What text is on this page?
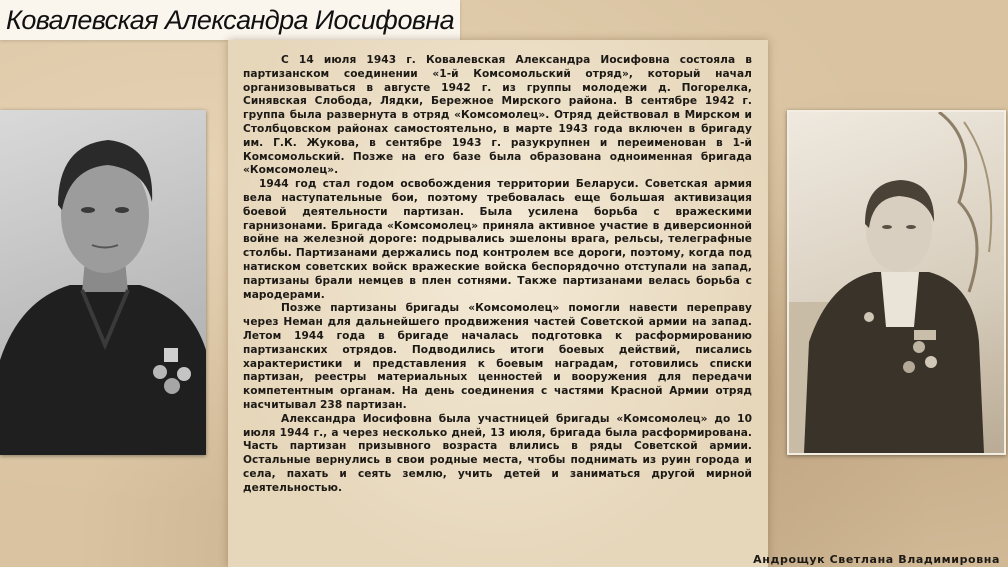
Ковалевская Александра Иосифовна

С 14 июля 1943 г. Ковалевская Александра Иосифовна состояла в партизанском соединении «1-й Комсомольский отряд», который начал организовываться в августе 1942 г. из группы молодежи д. Погорелка, Синявская Слобода, Лядки, Бережное Мирского района. В сентябре 1942 г. группа была развернута в отряд «Комсомолец». Отряд действовал в Мирском и Столбцовском районах самостоятельно, в марте 1943 года включен в бригаду им. Г.К. Жукова, в сентябре 1943 г. разукрупнен и переименован в 1-й Комсомольский. Позже на его базе была образована одноименная бригада «Комсомолец».

1944 год стал годом освобождения территории Беларуси. Советская армия вела наступательные бои, поэтому требовалась еще большая активизация боевой деятельности партизан. Была усилена борьба с вражескими гарнизонами. Бригада «Комсомолец» приняла активное участие в диверсионной войне на железной дороге: подрывались эшелоны врага, рельсы, телеграфные столбы. Партизанами держались под контролем все дороги, поэтому, когда под натиском советских войск вражеские войска беспорядочно отступали на запад, партизаны брали немцев в плен сотнями. Также партизанами велась борьба с мародерами.

Позже партизаны бригады «Комсомолец» помогли навести переправу через Неман для дальнейшего продвижения частей Советской армии на запад. Летом 1944 года в бригаде началась подготовка к расформированию партизанских отрядов. Подводились итоги боевых действий, писались характеристики и представления к боевым наградам, готовились списки партизан, реестры материальных ценностей и вооружения для передачи компетентным органам. На день соединения с частями Красной Армии отряд насчитывал 238 партизан.

Александра Иосифовна была участницей бригады «Комсомолец» до 10 июля 1944 г., а через несколько дней, 13 июля, бригада была расформирована. Часть партизан призывного возраста влились в ряды Советской армии. Остальные вернулись в свои родные места, чтобы поднимать из руин города и села, пахать и сеять землю, учить детей и заниматься другой мирной деятельностью.

Андрощук Светлана Владимировна
